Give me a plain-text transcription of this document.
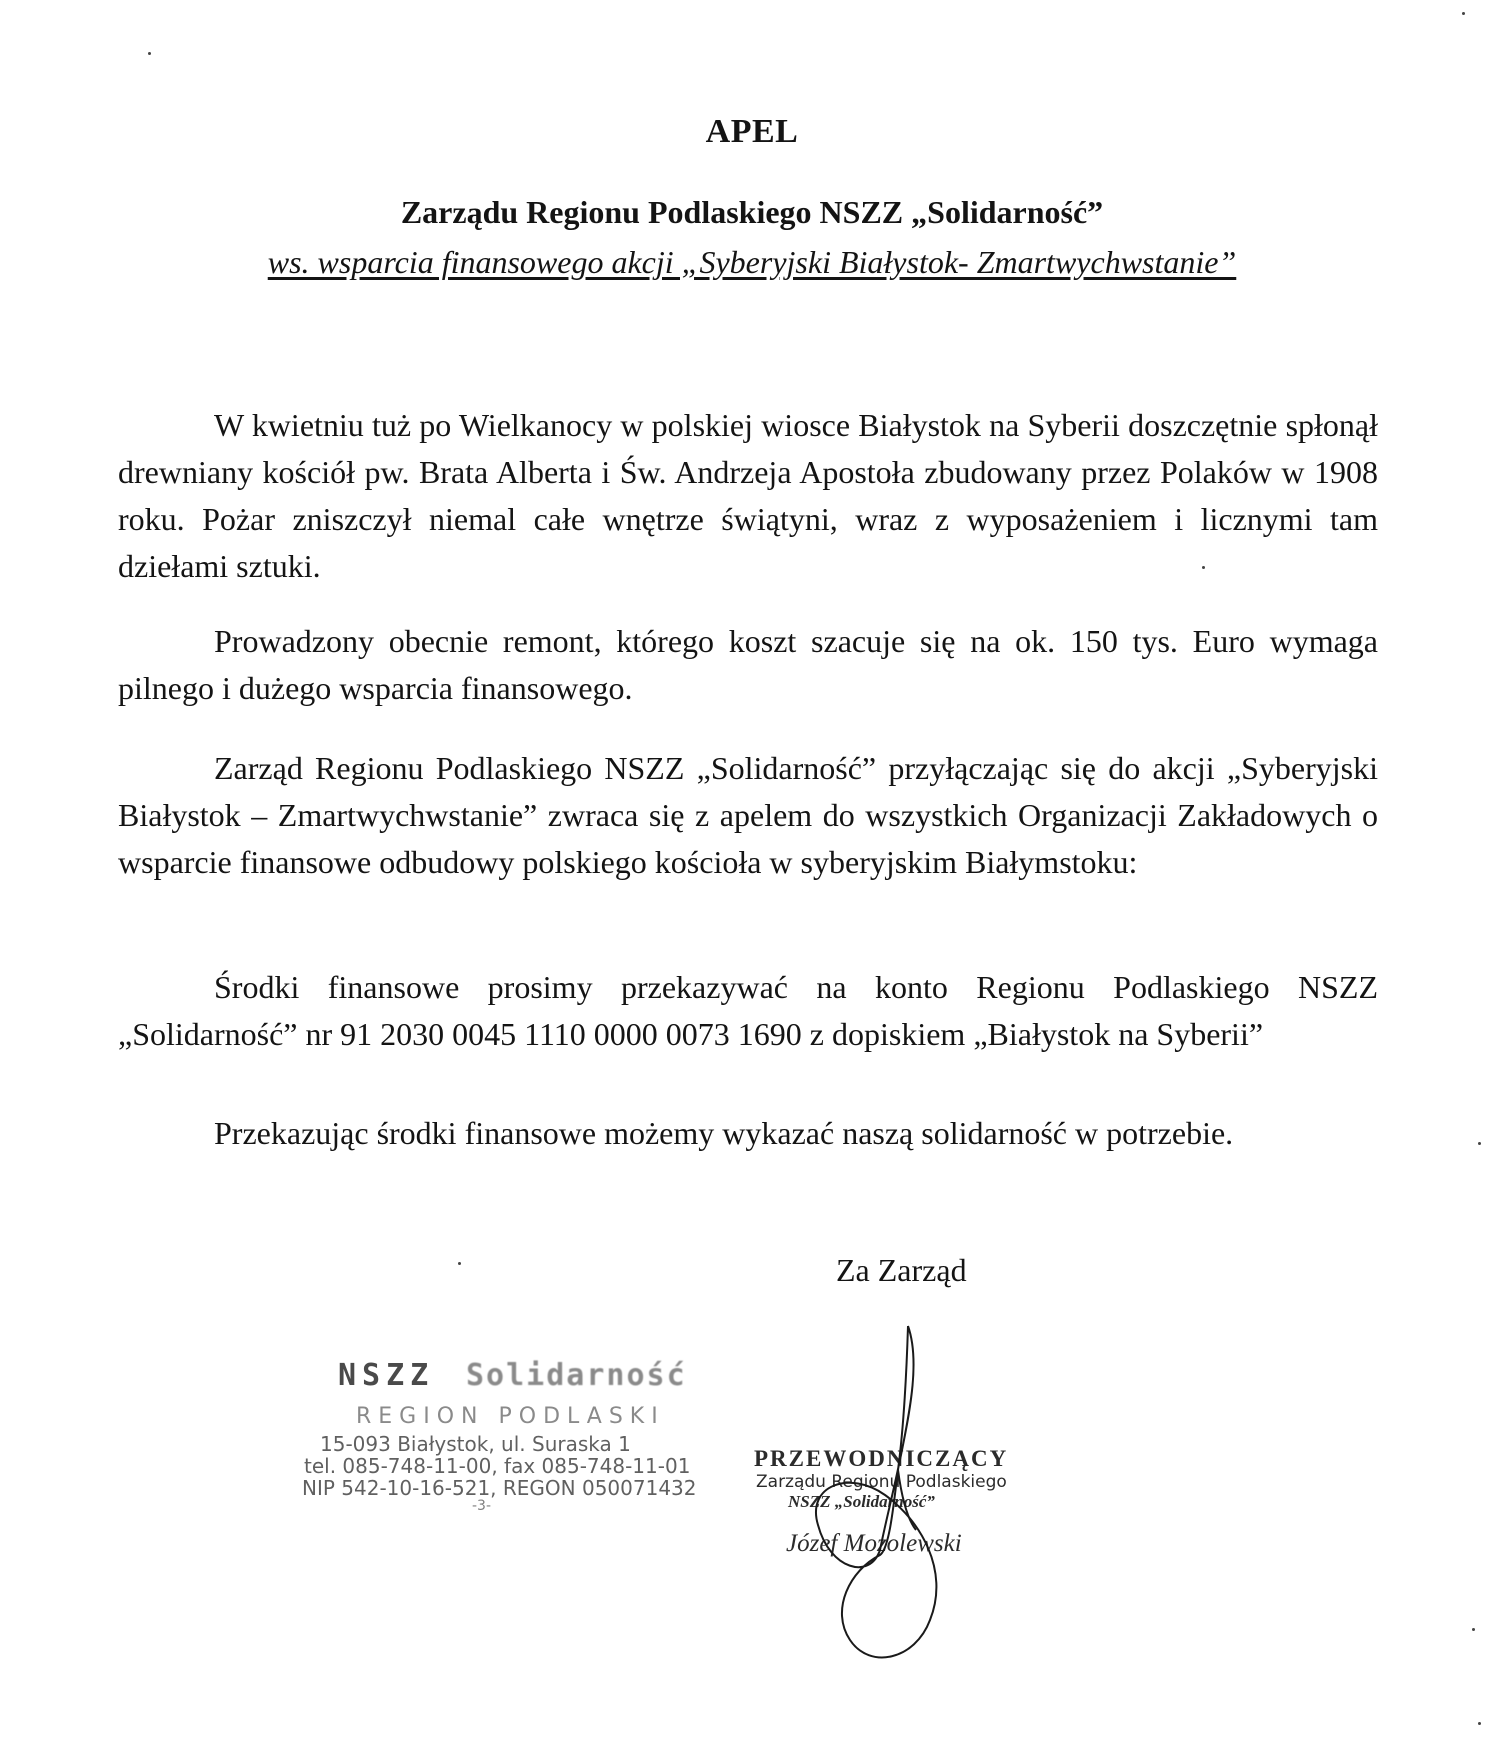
APEL
Zarządu Regionu Podlaskiego NSZZ „Solidarność”
ws. wsparcia finansowego akcji „Syberyjski Białystok- Zmartwychwstanie”

W kwietniu tuż po Wielkanocy w polskiej wiosce Białystok na Syberii doszczętnie spłonął drewniany kościół pw. Brata Alberta i Św. Andrzeja Apostoła zbudowany przez Polaków w 1908 roku. Pożar zniszczył niemal całe wnętrze świątyni, wraz z wyposażeniem i licznymi tam dziełami sztuki.

Prowadzony obecnie remont, którego koszt szacuje się na ok. 150 tys. Euro wymaga pilnego i dużego wsparcia finansowego.

Zarząd Regionu Podlaskiego NSZZ „Solidarność” przyłączając się do akcji „Syberyjski Białystok – Zmartwychwstanie” zwraca się z apelem do wszystkich Organizacji Zakładowych o wsparcie finansowe odbudowy polskiego kościoła w syberyjskim Białymstoku:

Środki finansowe prosimy przekazywać na konto Regionu Podlaskiego NSZZ „Solidarność” nr 91 2030 0045 1110 0000 0073 1690 z dopiskiem „Białystok na Syberii”

Przekazując środki finansowe możemy wykazać naszą solidarność w potrzebie.

Za Zarząd
NSZZ Solidarność
REGION PODLASKI
15-093 Białystok, ul. Suraska 1
tel. 085-748-11-00, fax 085-748-11-01
NIP 542-10-16-521, REGON 050071432
-3-
PRZEWODNICZĄCY
Zarządu Regionu Podlaskiego
NSZZ „Solidarność”
Józef Mozolewski
